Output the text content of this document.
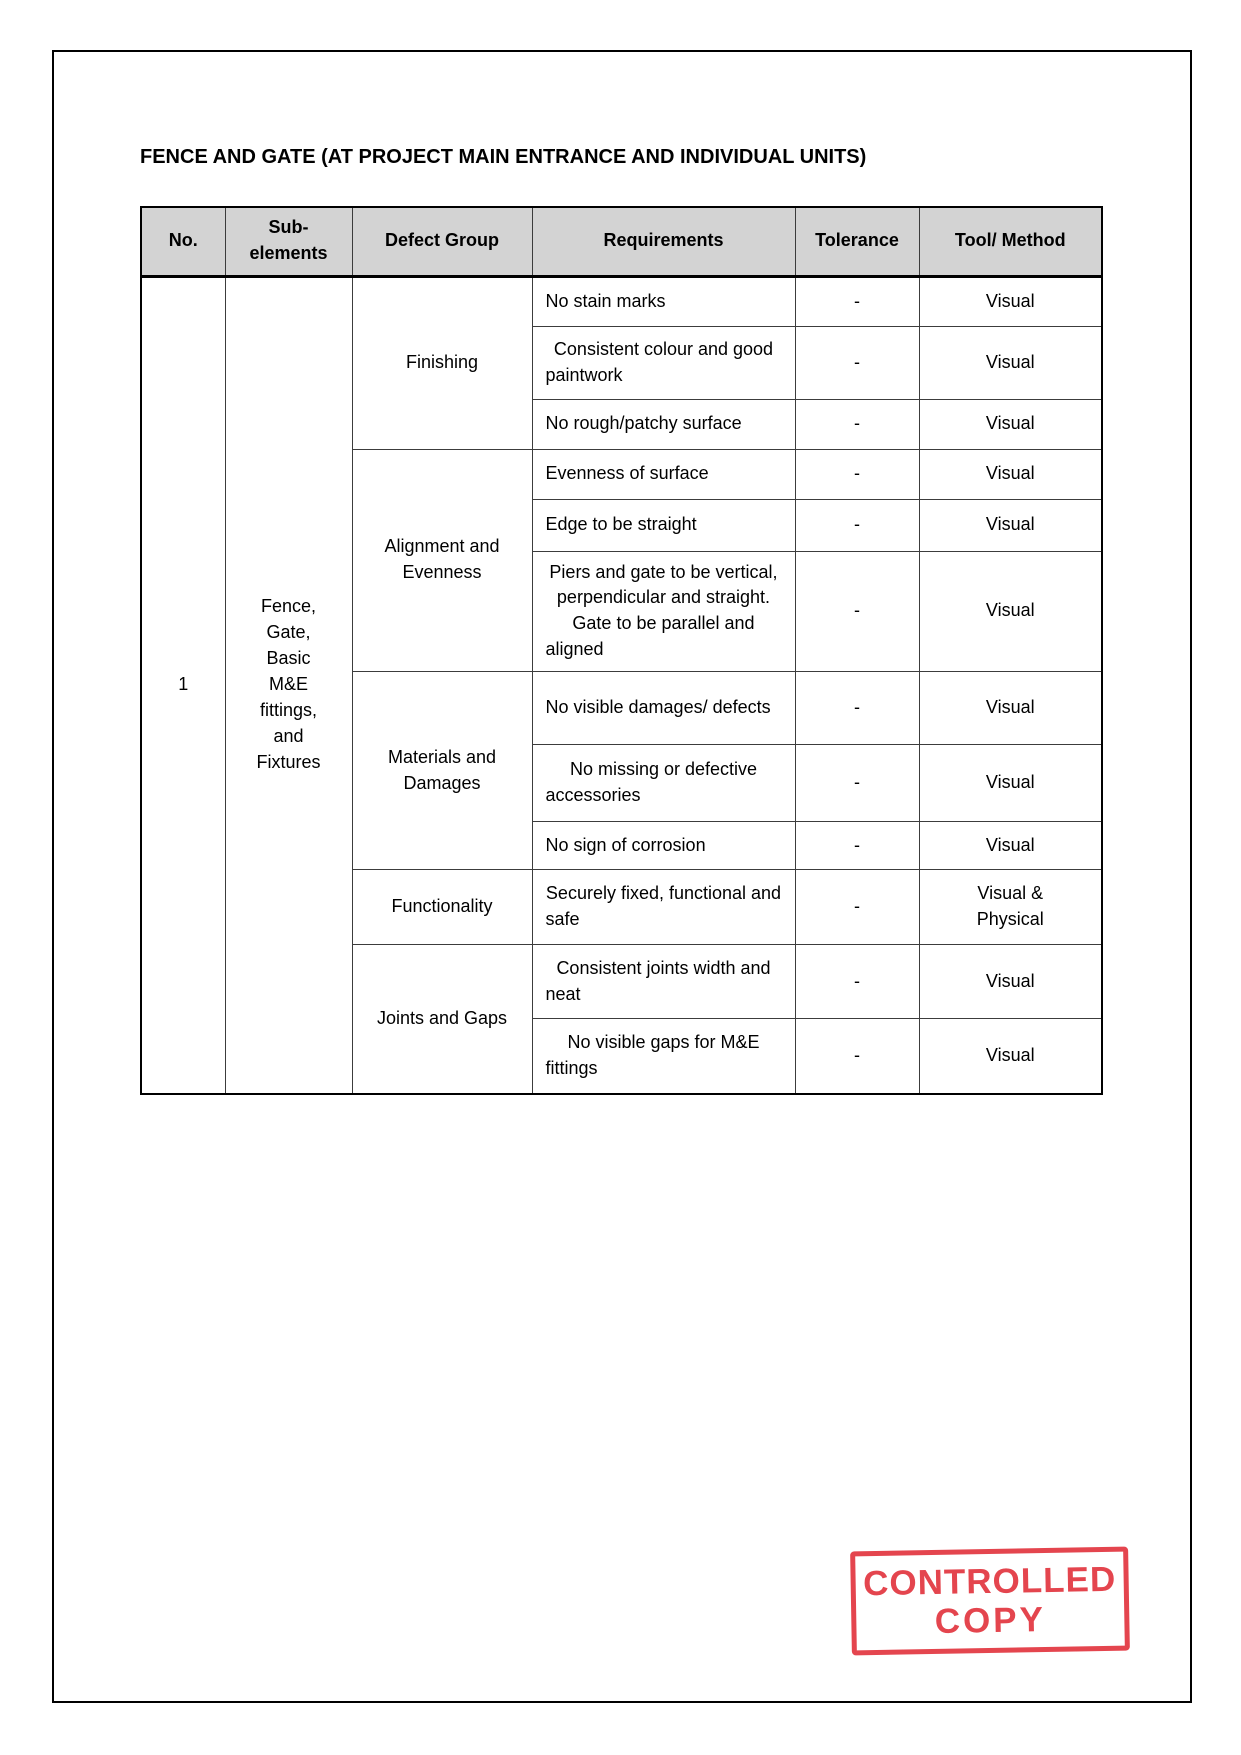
FENCE AND GATE (AT PROJECT MAIN ENTRANCE AND INDIVIDUAL UNITS)
No.	Sub-elements	Defect Group	Requirements	Tolerance	Tool/ Method
1	Fence, Gate, Basic M&E fittings, and Fixtures	Finishing	No stain marks	-	Visual
			Consistent colour and good paintwork	-	Visual
			No rough/patchy surface	-	Visual
		Alignment and Evenness	Evenness of surface	-	Visual
			Edge to be straight	-	Visual
			Piers and gate to be vertical, perpendicular and straight. Gate to be parallel and aligned	-	Visual
		Materials and Damages	No visible damages/ defects	-	Visual
			No missing or defective accessories	-	Visual
			No sign of corrosion	-	Visual
		Functionality	Securely fixed, functional and safe	-	Visual & Physical
		Joints and Gaps	Consistent joints width and neat	-	Visual
			No visible gaps for M&E fittings	-	Visual
CONTROLLED
COPY
